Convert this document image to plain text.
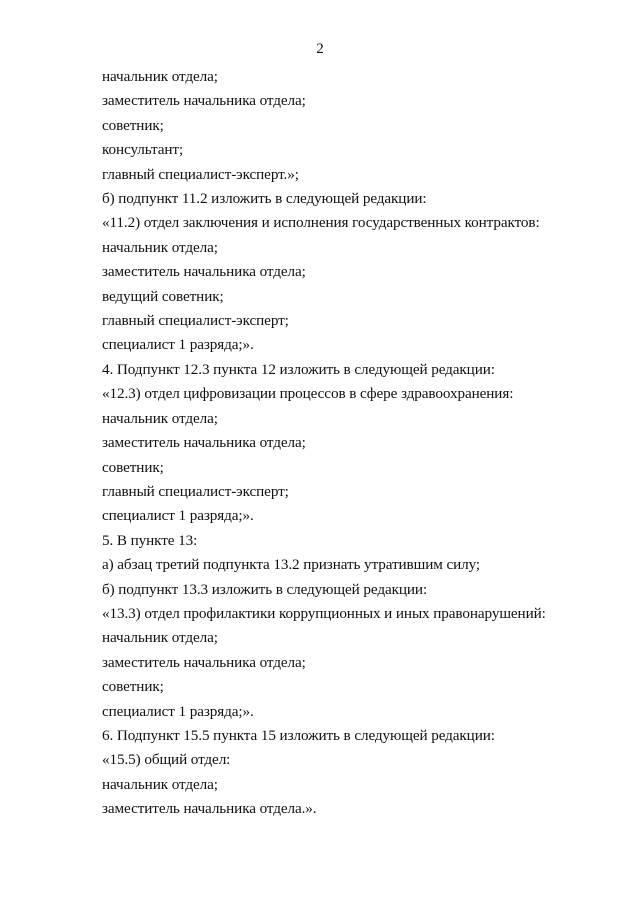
2
начальник отдела;
заместитель начальника отдела;
советник;
консультант;
главный специалист-эксперт.»;
б) подпункт 11.2 изложить в следующей редакции:
«11.2) отдел заключения и исполнения государственных контрактов:
начальник отдела;
заместитель начальника отдела;
ведущий советник;
главный специалист-эксперт;
специалист 1 разряда;».
4. Подпункт 12.3 пункта 12 изложить в следующей редакции:
«12.3) отдел цифровизации процессов в сфере здравоохранения:
начальник отдела;
заместитель начальника отдела;
советник;
главный специалист-эксперт;
специалист 1 разряда;».
5. В пункте 13:
а) абзац третий подпункта 13.2 признать утратившим силу;
б) подпункт 13.3 изложить в следующей редакции:
«13.3) отдел профилактики коррупционных и иных правонарушений:
начальник отдела;
заместитель начальника отдела;
советник;
специалист 1 разряда;».
6. Подпункт 15.5 пункта 15 изложить в следующей редакции:
«15.5) общий отдел:
начальник отдела;
заместитель начальника отдела.».
